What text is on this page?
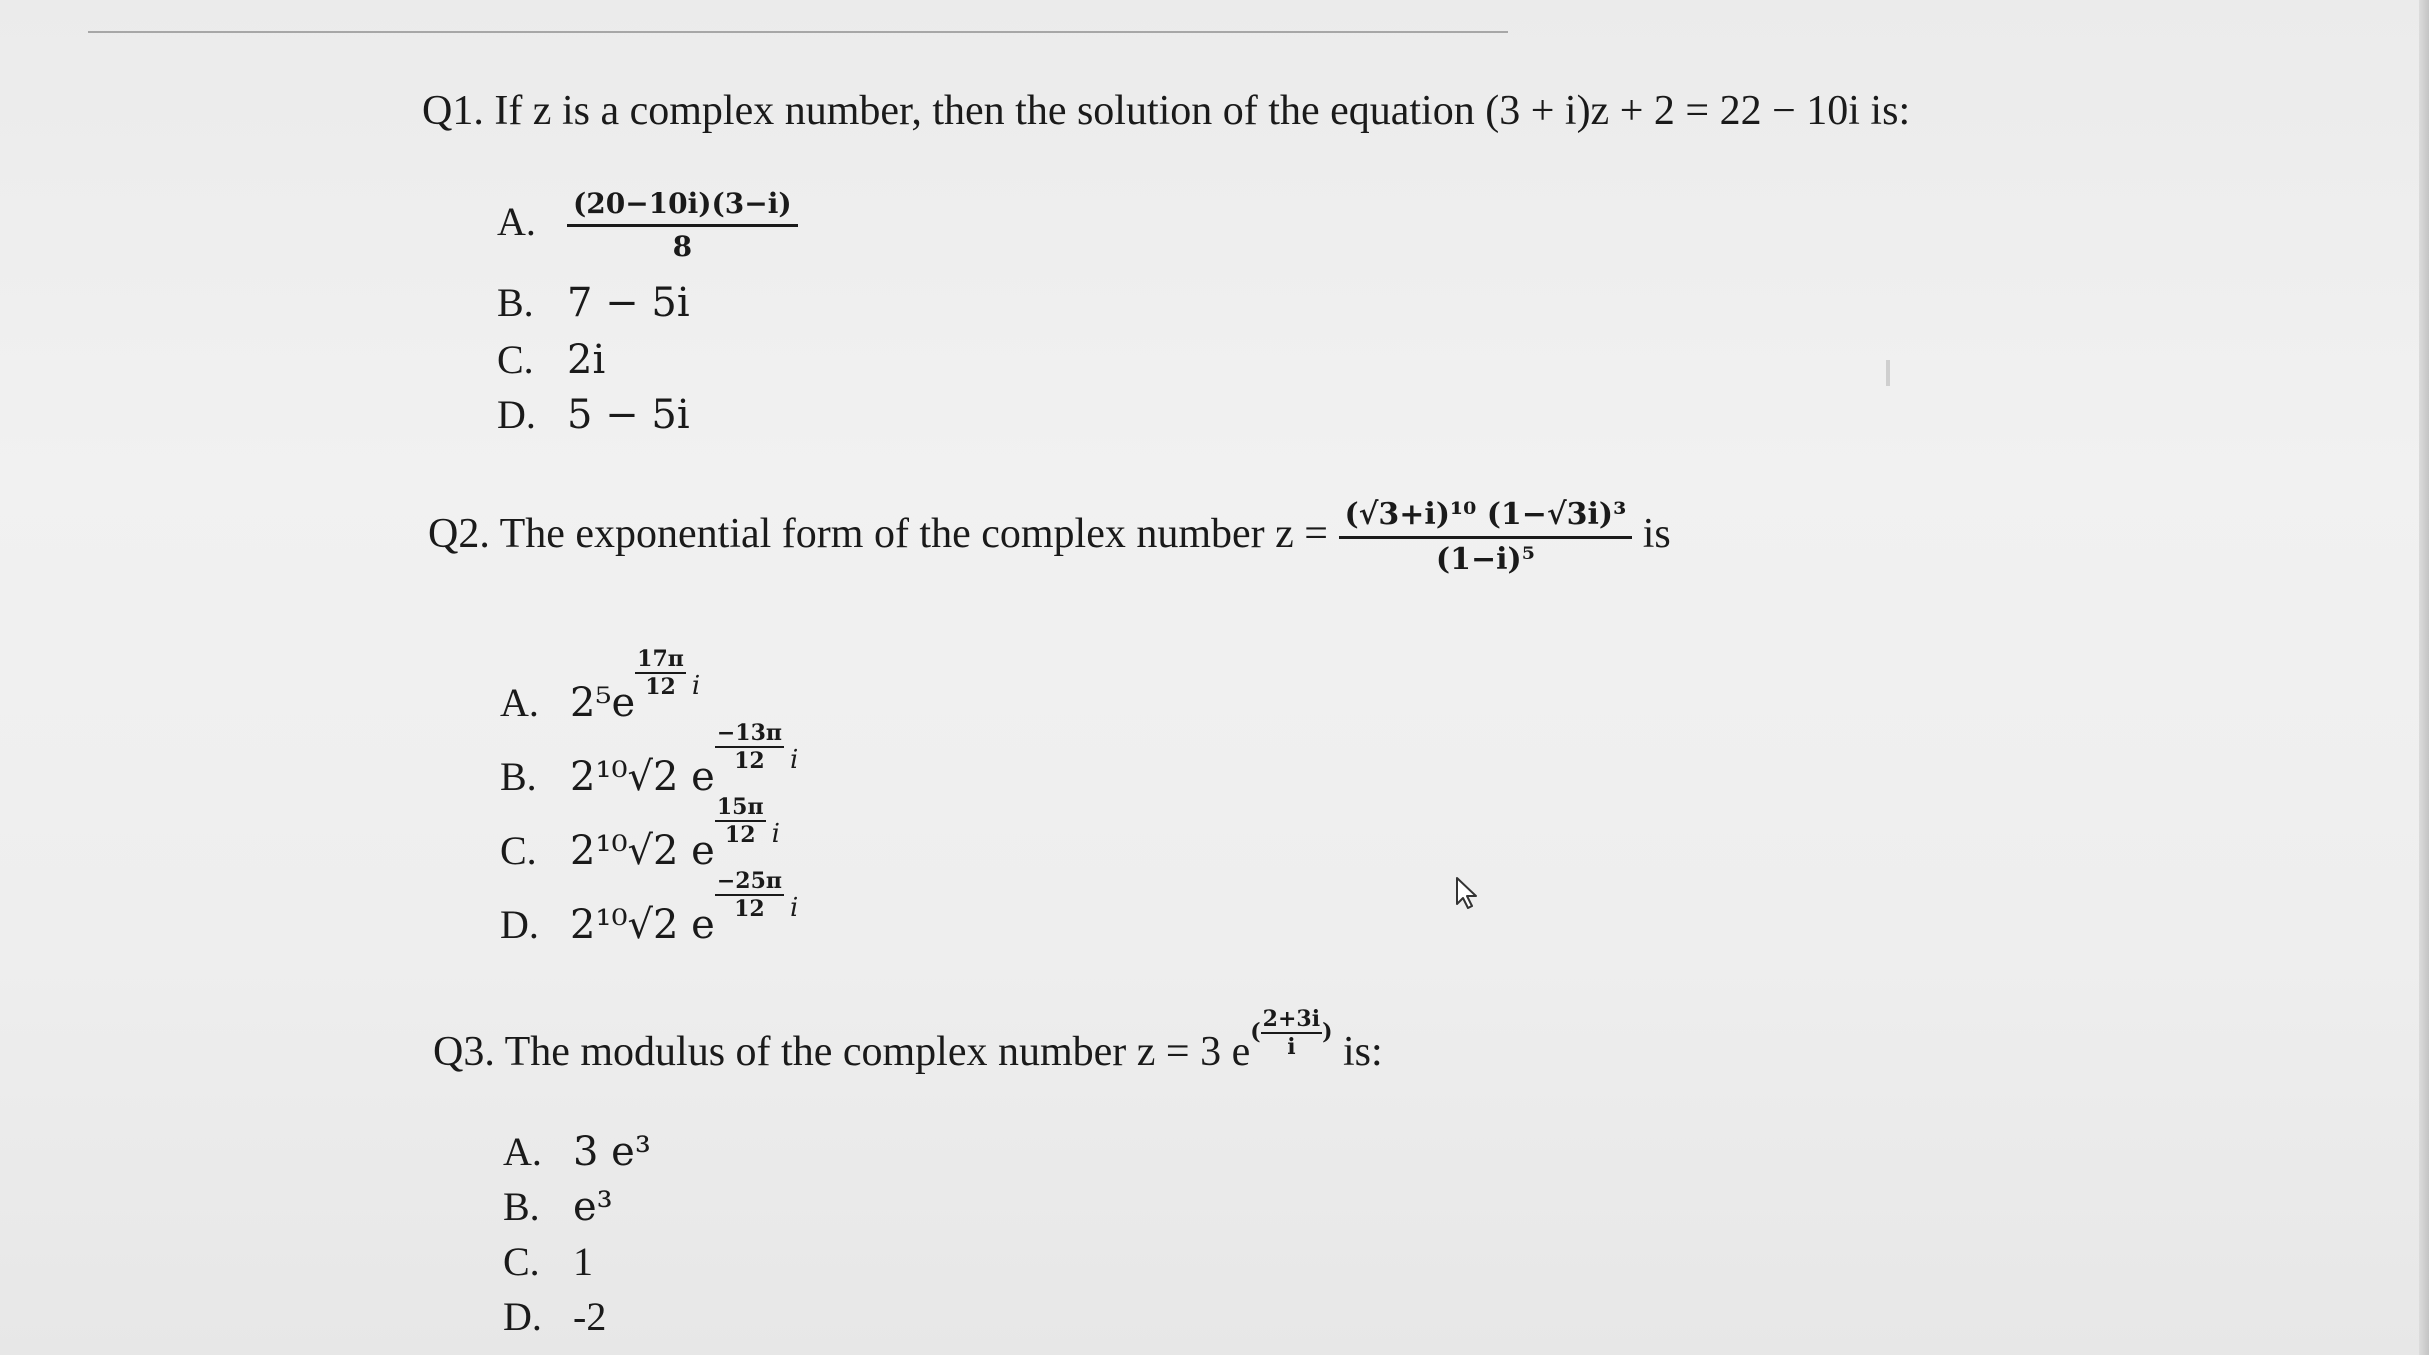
Q1. If z is a complex number, then the solution of the equation (3 + i)z + 2 = 22 − 10i is:
A. $\frac{(20-10i)(3-i)}{8}$
B. 7 − 5i
C. 2i
D. 5 − 5i
Q2. The exponential form of the complex number $z = \frac{\text{(√3+i)¹⁰ (1−√3i)³}}{\text{(1−i)⁵}}$ is
A. 2⁵e
$\frac{17\pi}{12}$ i
B. 2¹⁰√2 e
$\frac{-13\pi}{12}$ i
C. 2¹⁰√2 e
$\frac{15\pi}{12}$ i
D. 2¹⁰√2 e
$\frac{-25\pi}{12}$ i
Q3. The modulus of the complex number z = 3 $e( \frac{2+3i}{i}$ ) is:
A. 3 e³
B. e³
C. 1
D. -2
